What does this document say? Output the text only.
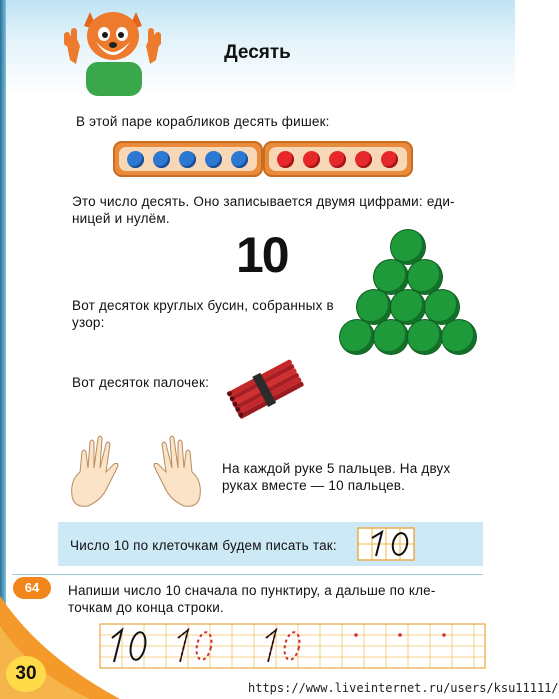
Десять
В этой паре корабликов десять фишек:
Это число десять. Оно записывается двумя цифрами: еди-
ницей и нулём.
10
Вот десяток круглых бусин, собранных в
узор:
Вот десяток палочек:
На каждой руке 5 пальцев. На двух
руках вместе — 10 пальцев.
Число 10 по клеточкам будем писать так:
64	Напиши число 10 сначала по пунктиру, а дальше по кле-
точкам до конца строки.
30
https://www.liveinternet.ru/users/ksu11111/
